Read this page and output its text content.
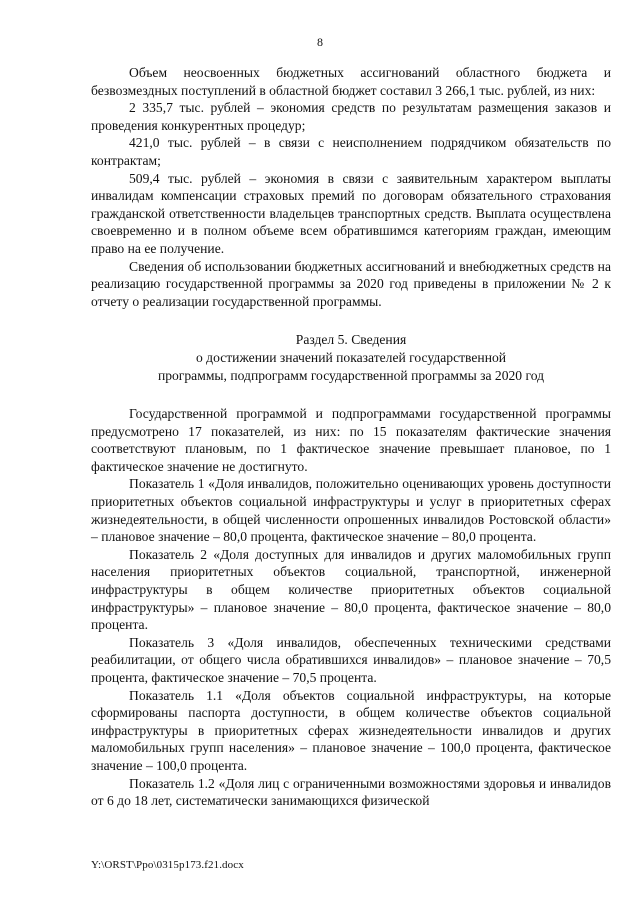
8

Объем неосвоенных бюджетных ассигнований областного бюджета и безвозмездных поступлений в областной бюджет составил 3 266,1 тыс. рублей, из них:

2 335,7 тыс. рублей – экономия средств по результатам размещения заказов и проведения конкурентных процедур;

421,0 тыс. рублей – в связи с неисполнением подрядчиком обязательств по контрактам;

509,4 тыс. рублей – экономия в связи с заявительным характером выплаты инвалидам компенсации страховых премий по договорам обязательного страхования гражданской ответственности владельцев транспортных средств. Выплата осуществлена своевременно и в полном объеме всем обратившимся категориям граждан, имеющим право на ее получение.

Сведения об использовании бюджетных ассигнований и внебюджетных средств на реализацию государственной программы за 2020 год приведены в приложении № 2 к отчету о реализации государственной программы.

Раздел 5. Сведения

о достижении значений показателей государственной

программы, подпрограмм государственной программы за 2020 год

Государственной программой и подпрограммами государственной программы предусмотрено 17 показателей, из них: по 15 показателям фактические значения соответствуют плановым, по 1 фактическое значение превышает плановое, по 1 фактическое значение не достигнуто.

Показатель 1 «Доля инвалидов, положительно оценивающих уровень доступности приоритетных объектов социальной инфраструктуры и услуг в приоритетных сферах жизнедеятельности, в общей численности опрошенных инвалидов Ростовской области» – плановое значение – 80,0 процента, фактическое значение – 80,0 процента.

Показатель 2 «Доля доступных для инвалидов и других маломобильных групп населения приоритетных объектов социальной, транспортной, инженерной инфраструктуры в общем количестве приоритетных объектов социальной инфраструктуры» – плановое значение – 80,0 процента, фактическое значение – 80,0 процента.

Показатель 3 «Доля инвалидов, обеспеченных техническими средствами реабилитации, от общего числа обратившихся инвалидов» – плановое значение – 70,5 процента, фактическое значение – 70,5 процента.

Показатель 1.1 «Доля объектов социальной инфраструктуры, на которые сформированы паспорта доступности, в общем количестве объектов социальной инфраструктуры в приоритетных сферах жизнедеятельности инвалидов и других маломобильных групп населения» – плановое значение – 100,0 процента, фактическое значение – 100,0 процента.

Показатель 1.2 «Доля лиц с ограниченными возможностями здоровья и инвалидов от 6 до 18 лет, систематически занимающихся физической

Y:\ORST\Ppo\0315p173.f21.docx
